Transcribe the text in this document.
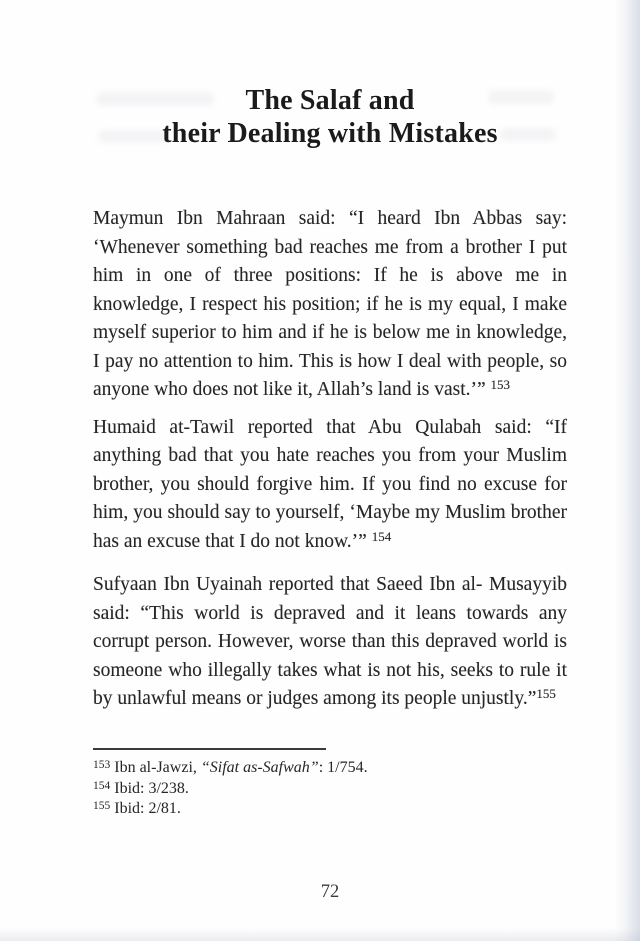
The Salaf and
their Dealing with Mistakes

Maymun Ibn Mahraan said: “I heard Ibn Abbas say: ‘Whenever something bad reaches me from a brother I put him in one of three positions: If he is above me in knowledge, I respect his position; if he is my equal, I make myself superior to him and if he is below me in knowledge, I pay no attention to him. This is how I deal with people, so anyone who does not like it, Allah’s land is vast.’” $^{153}$

Humaid at-Tawil reported that Abu Qulabah said: “If anything bad that you hate reaches you from your Muslim brother, you should forgive him. If you find no excuse for him, you should say to yourself, ‘Maybe my Muslim brother has an excuse that I do not know.’” $^{154}$

Sufyaan Ibn Uyainah reported that Saeed Ibn al- Musayyib said: “This world is depraved and it leans towards any corrupt person. However, worse than this depraved world is someone who illegally takes what is not his, seeks to rule it by unlawful means or judges among its people unjustly.”$^{155}$

$^{153}$ Ibn al-Jawzi, “Sifat as-Safwah”: 1/754.
$^{154}$ Ibid: 3/238.
$^{155}$ Ibid: 2/81.
72
